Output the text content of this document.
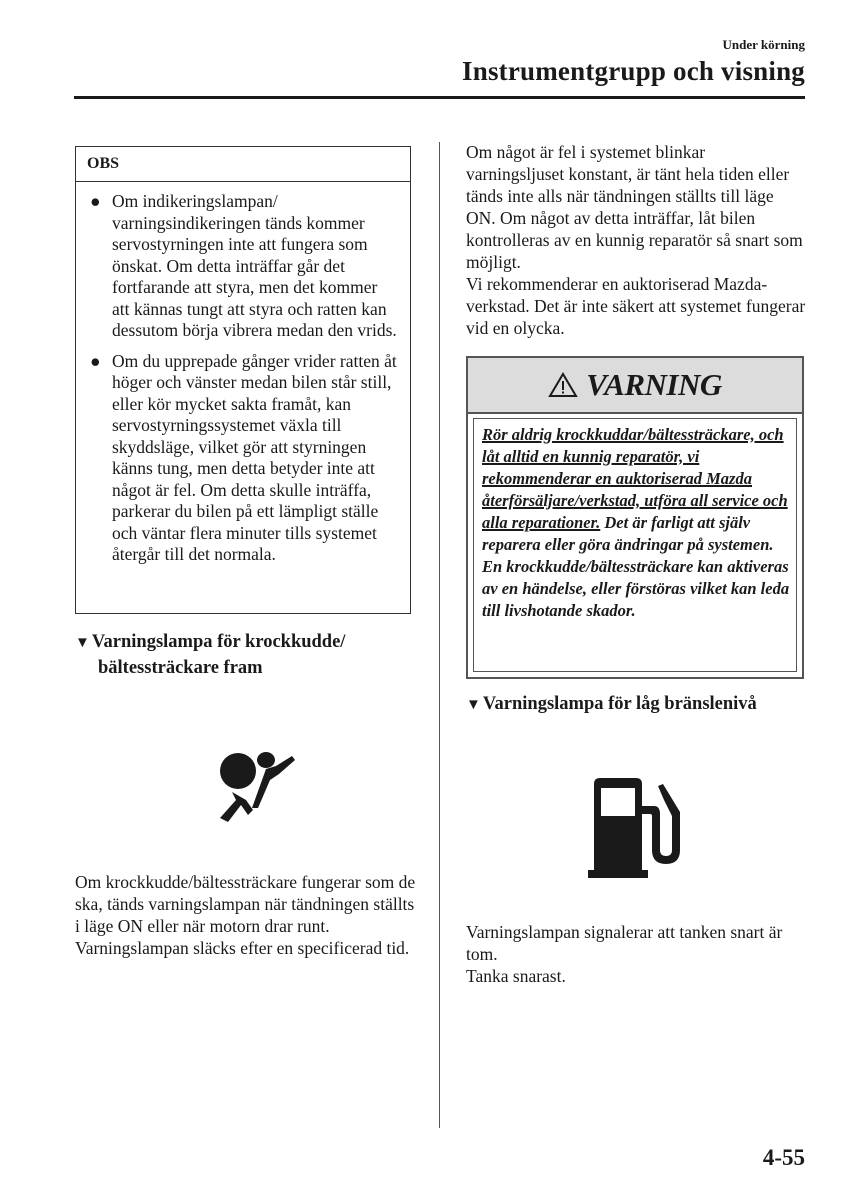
Under körning
Instrumentgrupp och visning
OBS
● Om indikeringslampan/ varningsindikeringen tänds kommer servostyrningen inte att fungera som önskat. Om detta inträffar går det fortfarande att styra, men det kommer att kännas tungt att styra och ratten kan dessutom börja vibrera medan den vrids.
● Om du upprepade gånger vrider ratten åt höger och vänster medan bilen står still, eller kör mycket sakta framåt, kan servostyrningssystemet växla till skyddsläge, vilket gör att styrningen känns tung, men detta betyder inte att något är fel. Om detta skulle inträffa, parkerar du bilen på ett lämpligt ställe och väntar flera minuter tills systemet återgår till det normala.
▼ Varningslampa för krockkudde/
bältessträckare fram
Om krockkudde/bältessträckare fungerar som de ska, tänds varningslampan när tändningen ställts i läge ON eller när motorn drar runt. Varningslampan släcks efter en specificerad tid.
Om något är fel i systemet blinkar varningsljuset konstant, är tänt hela tiden eller tänds inte alls när tändningen ställts till läge ON. Om något av detta inträffar, låt bilen kontrolleras av en kunnig reparatör så snart som möjligt.
Vi rekommenderar en auktoriserad Mazda-verkstad. Det är inte säkert att systemet fungerar vid en olycka.
VARNING
Rör aldrig krockkuddar/bältessträckare, och låt alltid en kunnig reparatör, vi rekommenderar en auktoriserad Mazda återförsäljare/verkstad, utföra all service och alla reparationer. Det är farligt att själv reparera eller göra ändringar på systemen. En krockkudde/bältessträckare kan aktiveras av en händelse, eller förstöras vilket kan leda till livshotande skador.
▼ Varningslampa för låg bränslenivå
Varningslampan signalerar att tanken snart är tom.
Tanka snarast.
4-55
